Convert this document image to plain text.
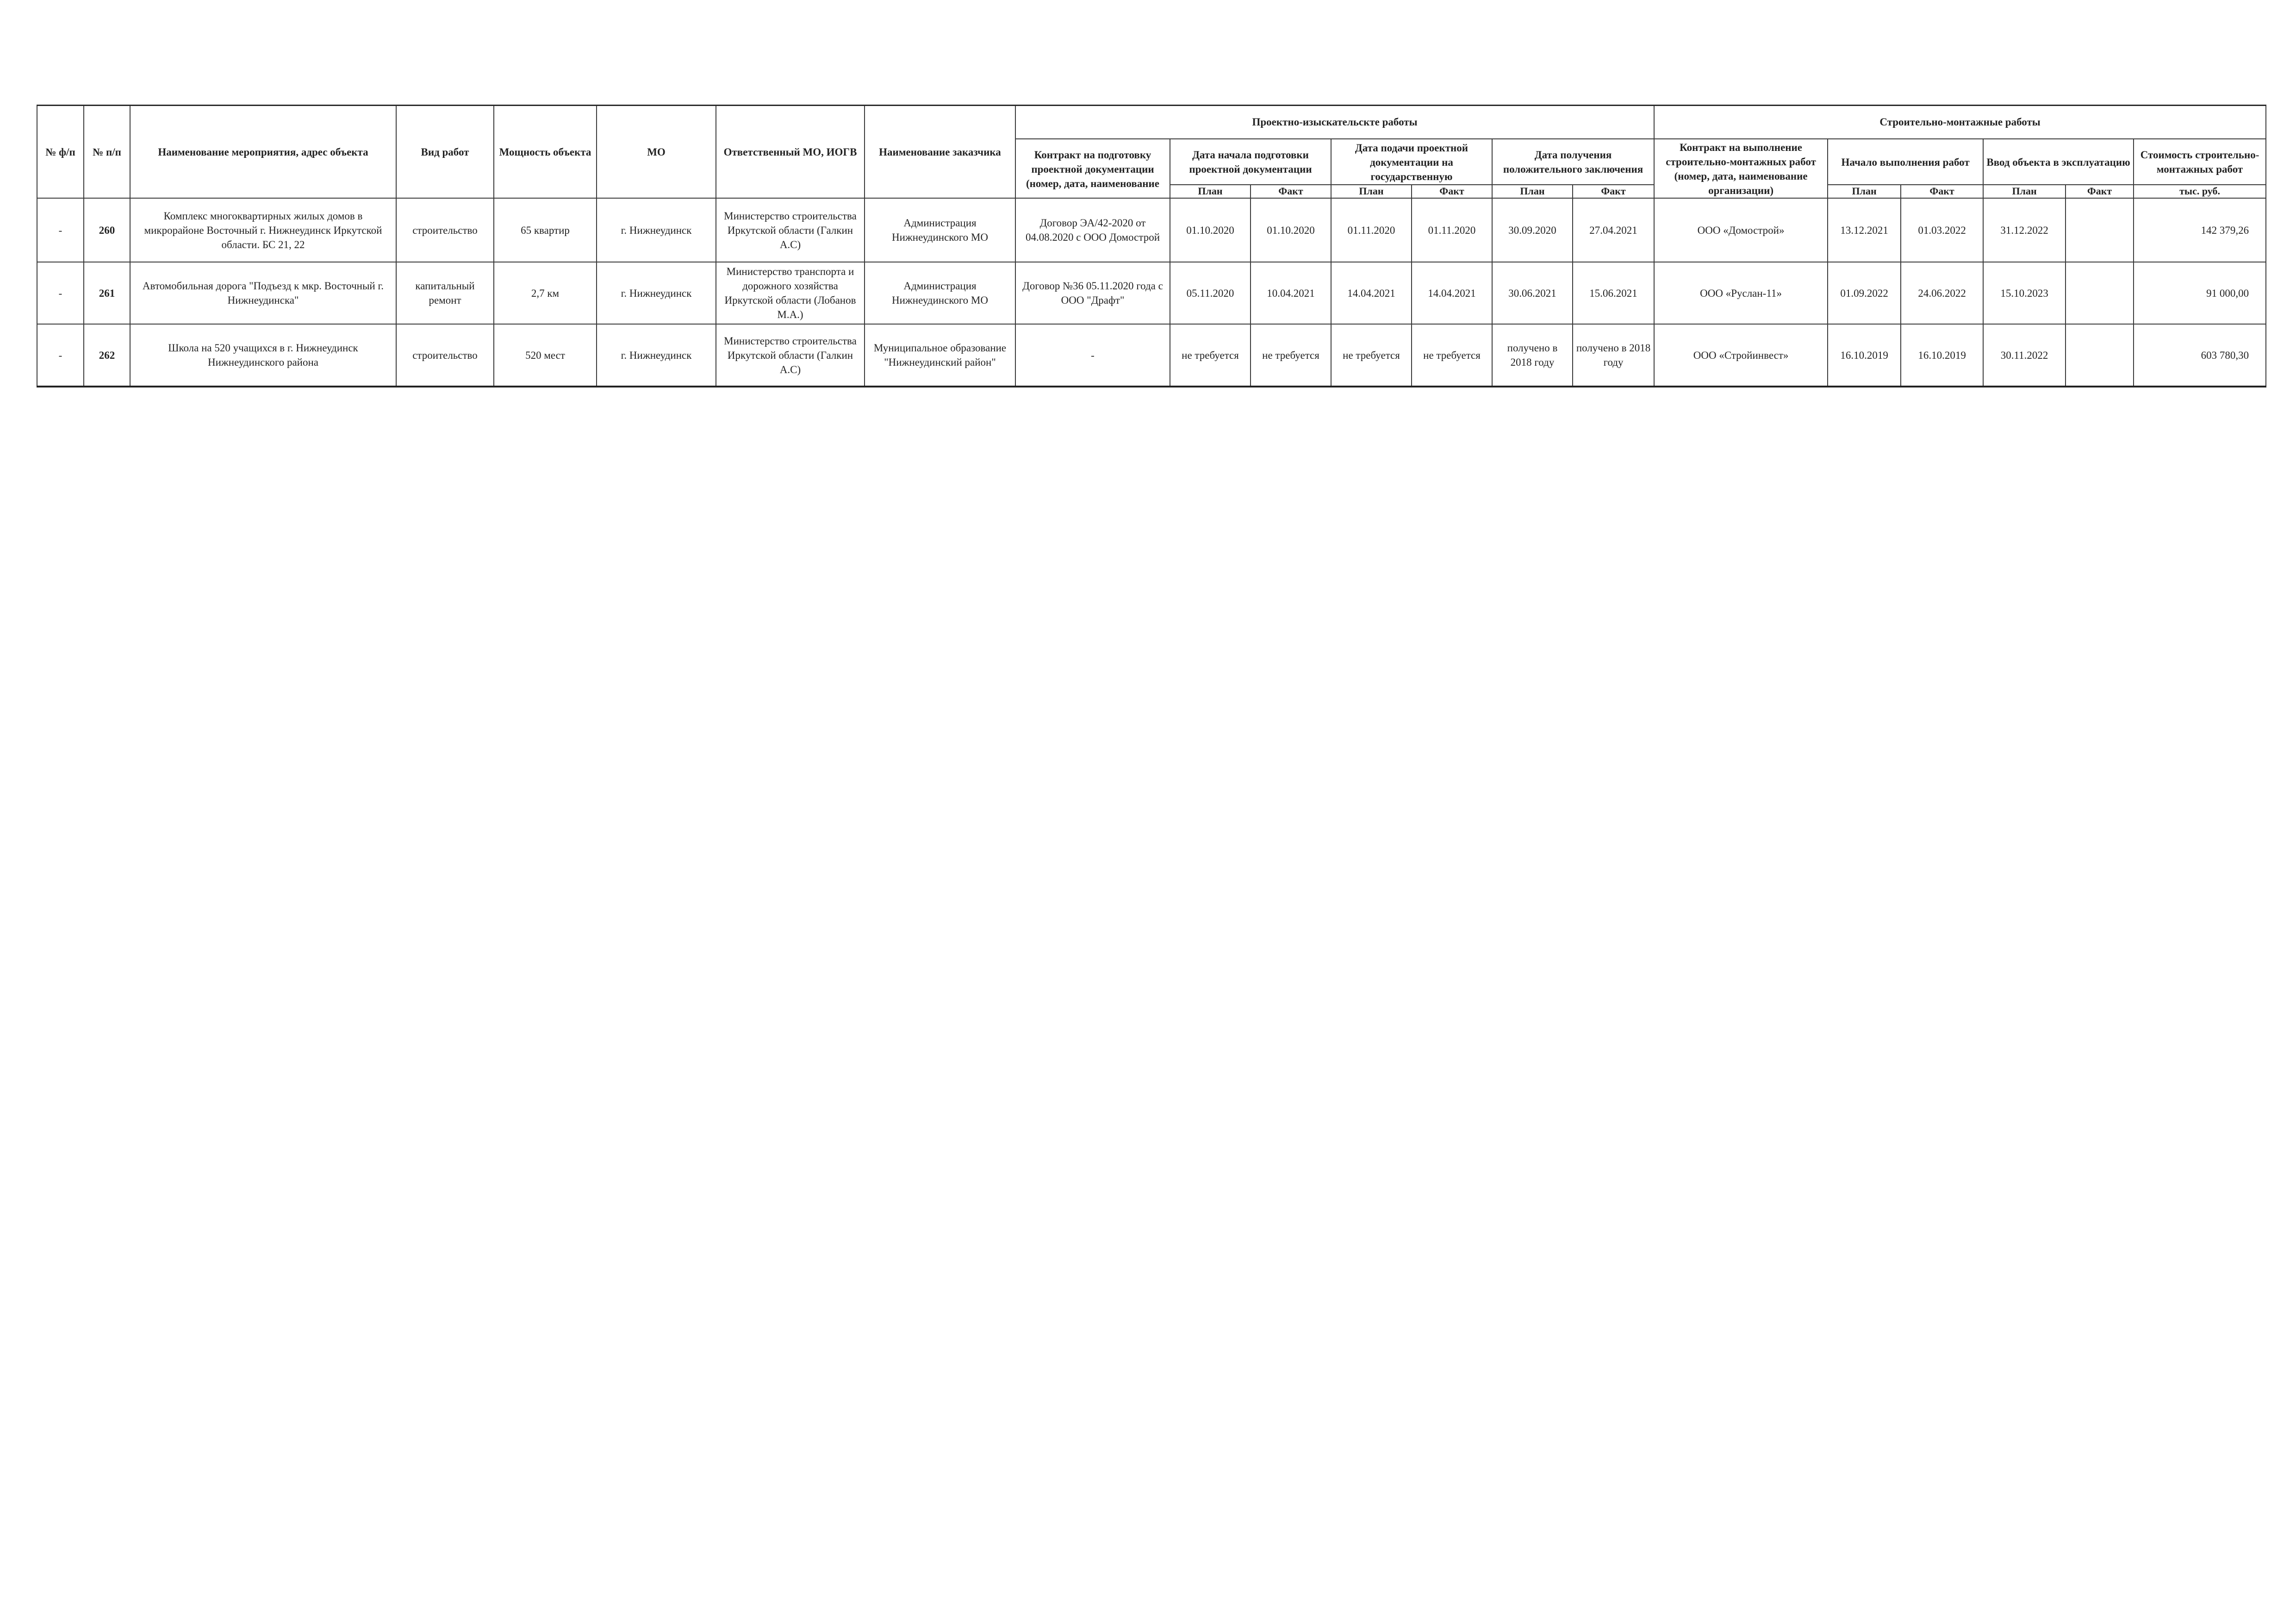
№ ф/п	№ п/п	Наименование мероприятия, адрес объекта	Вид работ	Мощность объекта	МО	Ответственный МО, ИОГВ	Наименование заказчика	Проектно-изыскательскте работы							Строительно-монтажные работы					
								Контракт на подготовку проектной документации (номер, дата, наименование	Дата начала подготовки проектной документации		Дата подачи проектной документации на государственную		Дата получения положительного заключения		Контракт на выполнение строительно-монтажных работ (номер, дата, наименование организации)	Начало выполнения работ		Ввод объекта в эксплуатацию		Стоимость строительно-монтажных работ
									План	Факт	План	Факт	План	Факт		План	Факт	План	Факт	тыс. руб.
-	260	Комплекс многоквартирных жилых домов в микрорайоне Восточный г. Нижнеудинск Иркутской области. БС 21, 22	строительство	65 квартир	г. Нижнеудинск	Министерство строительства Иркутской области (Галкин А.С)	Администрация Нижнеудинского МО	Договор ЭА/42-2020 от 04.08.2020 с ООО Домострой	01.10.2020	01.10.2020	01.11.2020	01.11.2020	30.09.2020	27.04.2021	ООО «Домострой»	13.12.2021	01.03.2022	31.12.2022		142 379,26
-	261	Автомобильная дорога "Подъезд к мкр. Восточный г. Нижнеудинска"	капитальный ремонт	2,7 км	г. Нижнеудинск	Министерство транспорта и дорожного хозяйства Иркутской области (Лобанов М.А.)	Администрация Нижнеудинского МО	Договор №36 05.11.2020 года с ООО "Драфт"	05.11.2020	10.04.2021	14.04.2021	14.04.2021	30.06.2021	15.06.2021	ООО «Руслан-11»	01.09.2022	24.06.2022	15.10.2023		91 000,00
-	262	Школа на 520 учащихся в г. Нижнеудинск Нижнеудинского района	строительство	520 мест	г. Нижнеудинск	Министерство строительства Иркутской области (Галкин А.С)	Муниципальное образование "Нижнеудинский район"	-	не требуется	не требуется	не требуется	не требуется	получено в 2018 году	получено в 2018 году	ООО «Стройинвест»	16.10.2019	16.10.2019	30.11.2022		603 780,30
